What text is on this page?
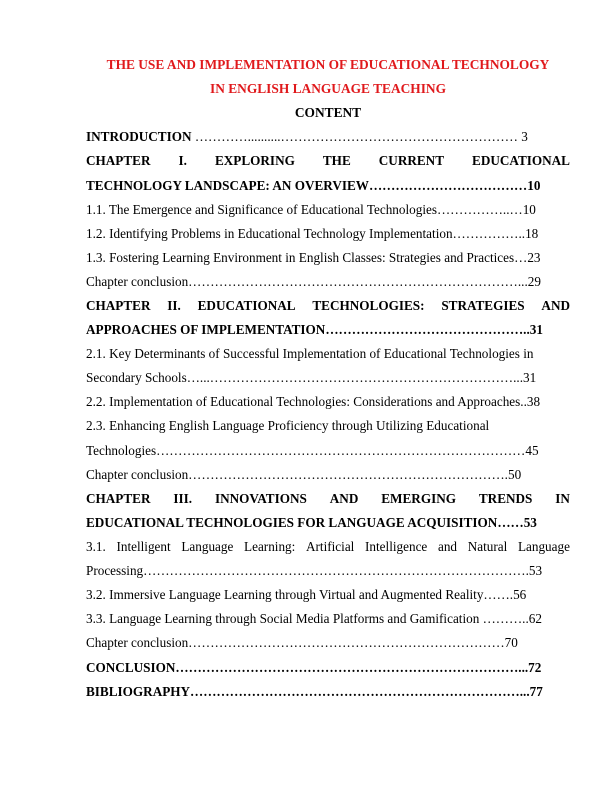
THE USE AND IMPLEMENTATION OF EDUCATIONAL TECHNOLOGY
IN ENGLISH LANGUAGE TEACHING
CONTENT
INTRODUCTION …………..........……………………………………………… 3
CHAPTER I. EXPLORING THE CURRENT EDUCATIONAL
TECHNOLOGY LANDSCAPE: AN OVERVIEW………………………………10
1.1. The Emergence and Significance of Educational Technologies……………..…10
1.2. Identifying Problems in Educational Technology Implementation……………..18
1.3. Fostering Learning Environment in English Classes: Strategies and Practices…23
Chapter conclusion…………………………………………………………………...29
CHAPTER II. EDUCATIONAL TECHNOLOGIES: STRATEGIES AND
APPROACHES OF IMPLEMENTATION………………………………………..31
2.1. Key Determinants of Successful Implementation of Educational Technologies in
Secondary Schools…...……………………………………………………………...31
2.2. Implementation of Educational Technologies: Considerations and Approaches..38
2.3. Enhancing English Language Proficiency through Utilizing Educational
Technologies…………………………………………………………………………45
Chapter conclusion……………………………………………………………….50
CHAPTER III. INNOVATIONS AND EMERGING TRENDS IN
EDUCATIONAL TECHNOLOGIES FOR LANGUAGE ACQUISITION……53
3.1. Intelligent Language Learning: Artificial Intelligence and Natural Language
Processing…………………………………………………………………………….53
3.2. Immersive Language Learning through Virtual and Augmented Reality…….56
3.3. Language Learning through Social Media Platforms and Gamification ………..62
Chapter conclusion………………………………………………………………70
CONCLUSION……………………………………………………………………...72
BIBLIOGRAPHY…………………………………………………………………...77
